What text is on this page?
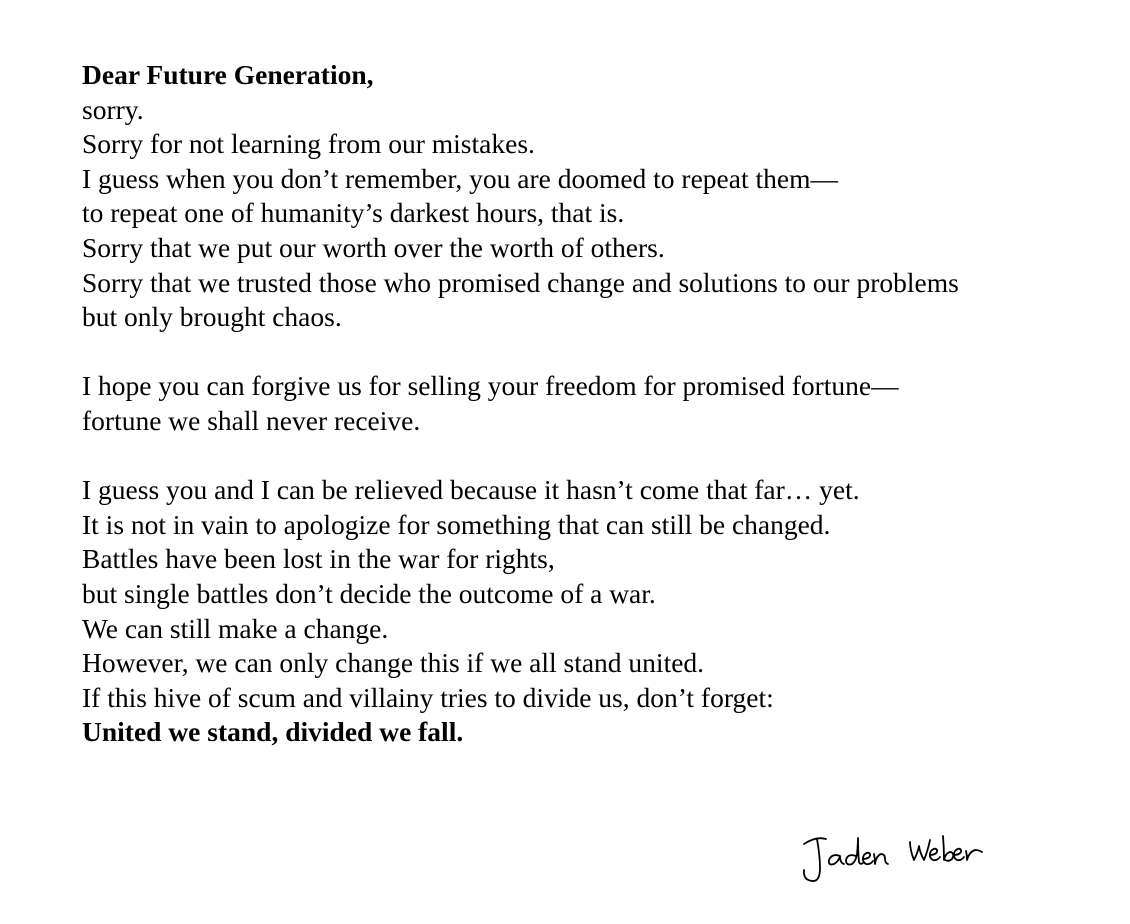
Dear Future Generation,
sorry.
Sorry for not learning from our mistakes.
I guess when you don’t remember, you are doomed to repeat them—
to repeat one of humanity’s darkest hours, that is.
Sorry that we put our worth over the worth of others.
Sorry that we trusted those who promised change and solutions to our problems
but only brought chaos.
I hope you can forgive us for selling your freedom for promised fortune—
fortune we shall never receive.
I guess you and I can be relieved because it hasn’t come that far… yet.
It is not in vain to apologize for something that can still be changed.
Battles have been lost in the war for rights,
but single battles don’t decide the outcome of a war.
We can still make a change.
However, we can only change this if we all stand united.
If this hive of scum and villainy tries to divide us, don’t forget:
United we stand, divided we fall.
